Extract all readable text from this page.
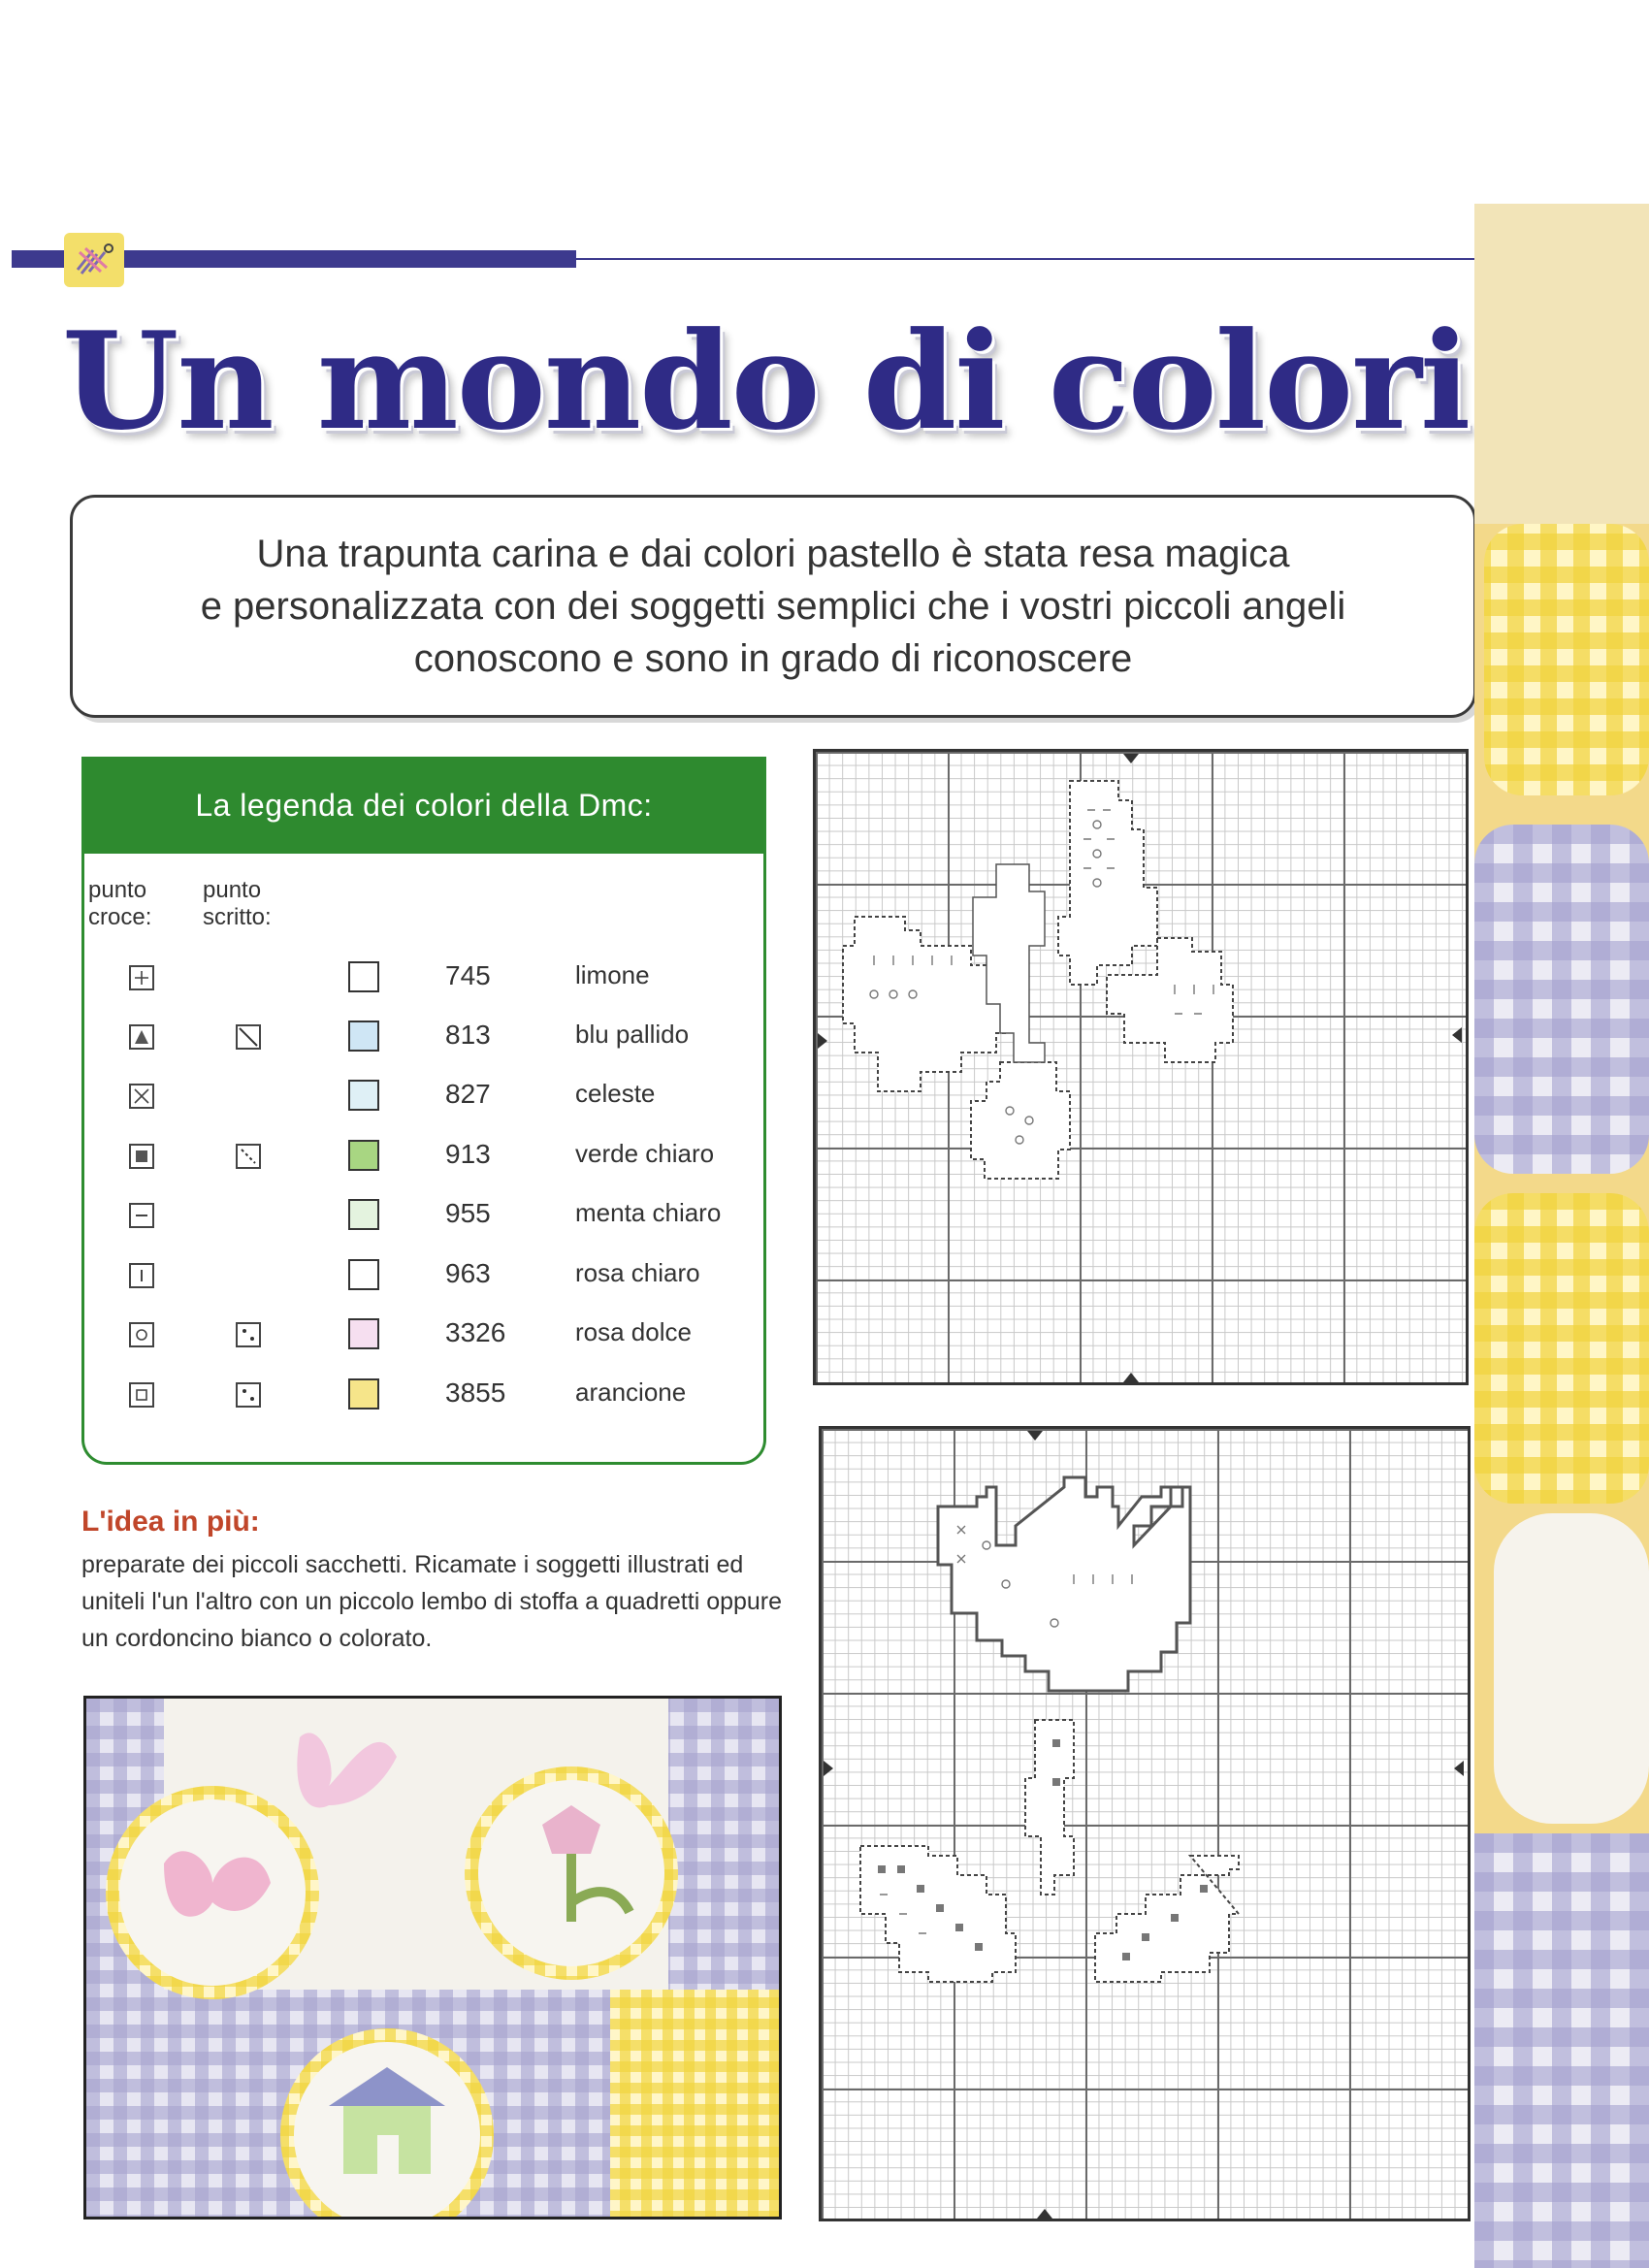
Un mondo di colori

Una trapunta carina e dai colori pastello è stata resa magica
e personalizzata con dei soggetti semplici che i vostri piccoli angeli
conoscono e sono in grado di riconoscere

La legenda dei colori della Dmc:
punto
croce:
punto
scritto:
745	limone
813	blu pallido
827	celeste
913	verde chiaro
955	menta chiaro
963	rosa chiaro
3326	rosa dolce
3855	arancione
L'idea in più:

preparate dei piccoli sacchetti. Ricamate i soggetti illustrati ed uniteli l'un l'altro con un piccolo lembo di stoffa a quadretti oppure un cordoncino bianco o colorato.
